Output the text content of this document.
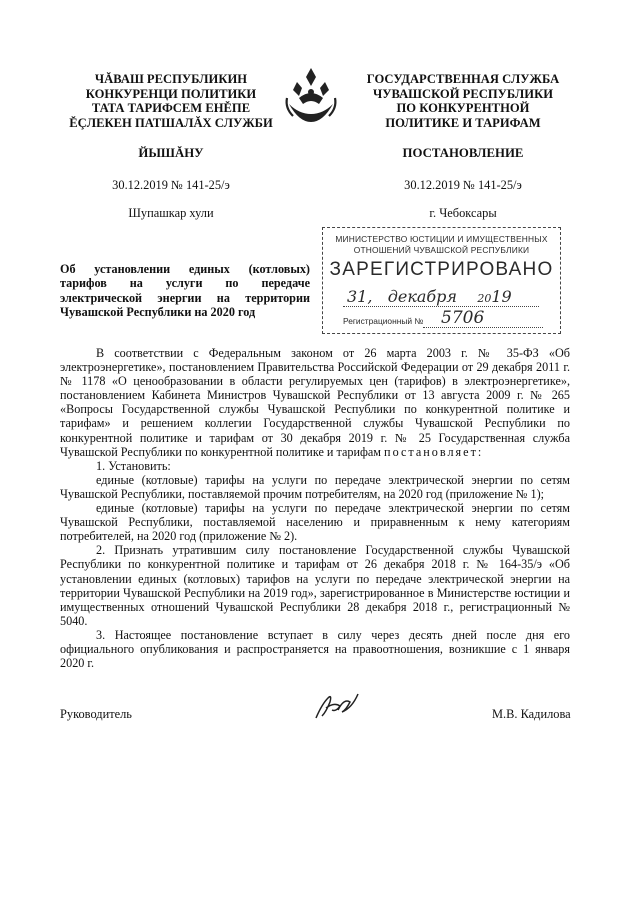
ЧĂВАШ РЕСПУБЛИКИН
КОНКУРЕНЦИ ПОЛИТИКИ
ТАТА ТАРИФСЕМ ЕНĚПЕ
ĔÇЛЕКЕН ПАТШАЛĂХ СЛУЖБИ
ГОСУДАРСТВЕННАЯ СЛУЖБА
ЧУВАШСКОЙ РЕСПУБЛИКИ
ПО КОНКУРЕНТНОЙ
ПОЛИТИКЕ И ТАРИФАМ
ЙЫШĂНУ	ПОСТАНОВЛЕНИЕ
30.12.2019 № 141-25/э	30.12.2019 № 141-25/э
Шупашкар хули	г. Чебоксары
МИНИСТЕРСТВО ЮСТИЦИИ И ИМУЩЕСТВЕННЫХ
ОТНОШЕНИЙ ЧУВАШСКОЙ РЕСПУБЛИКИ
ЗАРЕГИСТРИРОВАНО
31,   декабря 2019
Регистрационный № 5706
Об установлении единых (котловых) тарифов на услуги по передаче электрической энергии на территории Чувашской Республики на 2020 год

В соответствии с Федеральным законом от 26 марта 2003 г. № 35-ФЗ «Об электроэнергетике», постановлением Правительства Российской Федерации от 29 декабря 2011 г. № 1178 «О ценообразовании в области регулируемых цен (тарифов) в электроэнергетике», постановлением Кабинета Министров Чувашской Республики от 13 августа 2009 г. № 265 «Вопросы Государственной службы Чувашской Республики по конкурентной политике и тарифам» и решением коллегии Государственной службы Чувашской Республики по конкурентной политике и тарифам от 30 декабря 2019 г. № 25 Государственная служба Чувашской Республики по конкурентной политике и тарифам постановляет:

1. Установить:

единые (котловые) тарифы на услуги по передаче электрической энергии по сетям Чувашской Республики, поставляемой прочим потребителям, на 2020 год (приложение № 1);

единые (котловые) тарифы на услуги по передаче электрической энергии по сетям Чувашской Республики, поставляемой населению и приравненным к нему категориям потребителей, на 2020 год (приложение № 2).

2. Признать утратившим силу постановление Государственной службы Чувашской Республики по конкурентной политике и тарифам от 26 декабря 2018 г. № 164-35/э «Об установлении единых (котловых) тарифов на услуги по передаче электрической энергии на территории Чувашской Республики на 2019 год», зарегистрированное в Министерстве юстиции и имущественных отношений Чувашской Республики 28 декабря 2018 г., регистрационный № 5040.

3. Настоящее постановление вступает в силу через десять дней после дня его официального опубликования и распространяется на правоотношения, возникшие с 1 января 2020 г.

Руководитель	М.В. Кадилова
